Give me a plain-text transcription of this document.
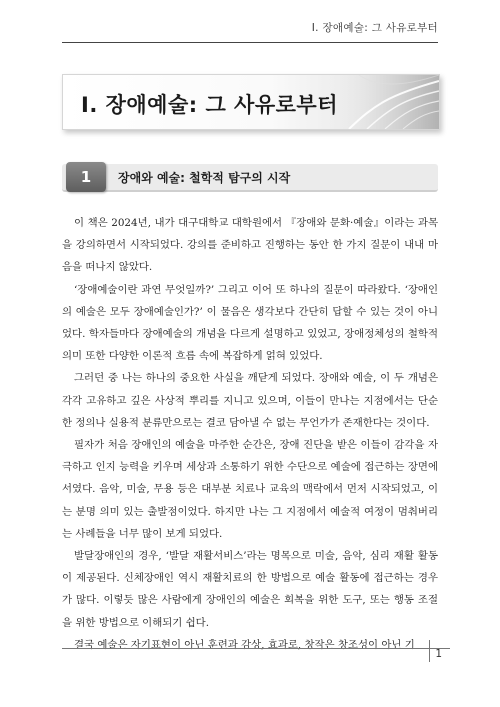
Ⅰ. 장애예술: 그 사유로부터
Ⅰ. 장애예술: 그 사유로부터
1	장애와 예술: 철학적 탐구의 시작

이 책은 2024년, 내가 대구대학교 대학원에서 『장애와 문화·예술』이라는 과목을 강의하면서 시작되었다. 강의를 준비하고 진행하는 동안 한 가지 질문이 내내 마음을 떠나지 않았다.

‘장애예술이란 과연 무엇일까?’ 그리고 이어 또 하나의 질문이 따라왔다. ‘장애인의 예술은 모두 장애예술인가?’ 이 물음은 생각보다 간단히 답할 수 있는 것이 아니었다. 학자들마다 장애예술의 개념을 다르게 설명하고 있었고, 장애정체성의 철학적 의미 또한 다양한 이론적 흐름 속에 복잡하게 얽혀 있었다.

그러던 중 나는 하나의 중요한 사실을 깨닫게 되었다. 장애와 예술, 이 두 개념은 각각 고유하고 깊은 사상적 뿌리를 지니고 있으며, 이들이 만나는 지점에서는 단순한 정의나 실용적 분류만으로는 결코 담아낼 수 없는 무언가가 존재한다는 것이다.

필자가 처음 장애인의 예술을 마주한 순간은, 장애 진단을 받은 이들이 감각을 자극하고 인지 능력을 키우며 세상과 소통하기 위한 수단으로 예술에 접근하는 장면에서였다. 음악, 미술, 무용 등은 대부분 치료나 교육의 맥락에서 먼저 시작되었고, 이는 분명 의미 있는 출발점이었다. 하지만 나는 그 지점에서 예술적 여정이 멈춰버리는 사례들을 너무 많이 보게 되었다.

발달장애인의 경우, ‘발달 재활서비스’라는 명목으로 미술, 음악, 심리 재활 활동이 제공된다. 신체장애인 역시 재활치료의 한 방법으로 예술 활동에 접근하는 경우가 많다. 이렇듯 많은 사람에게 장애인의 예술은 회복을 위한 도구, 또는 행동 조절을 위한 방법으로 이해되기 쉽다.

결국 예술은 자기표현이 아닌 훈련과 감상, 효과로, 창작은 창조성이 아닌 기

1
